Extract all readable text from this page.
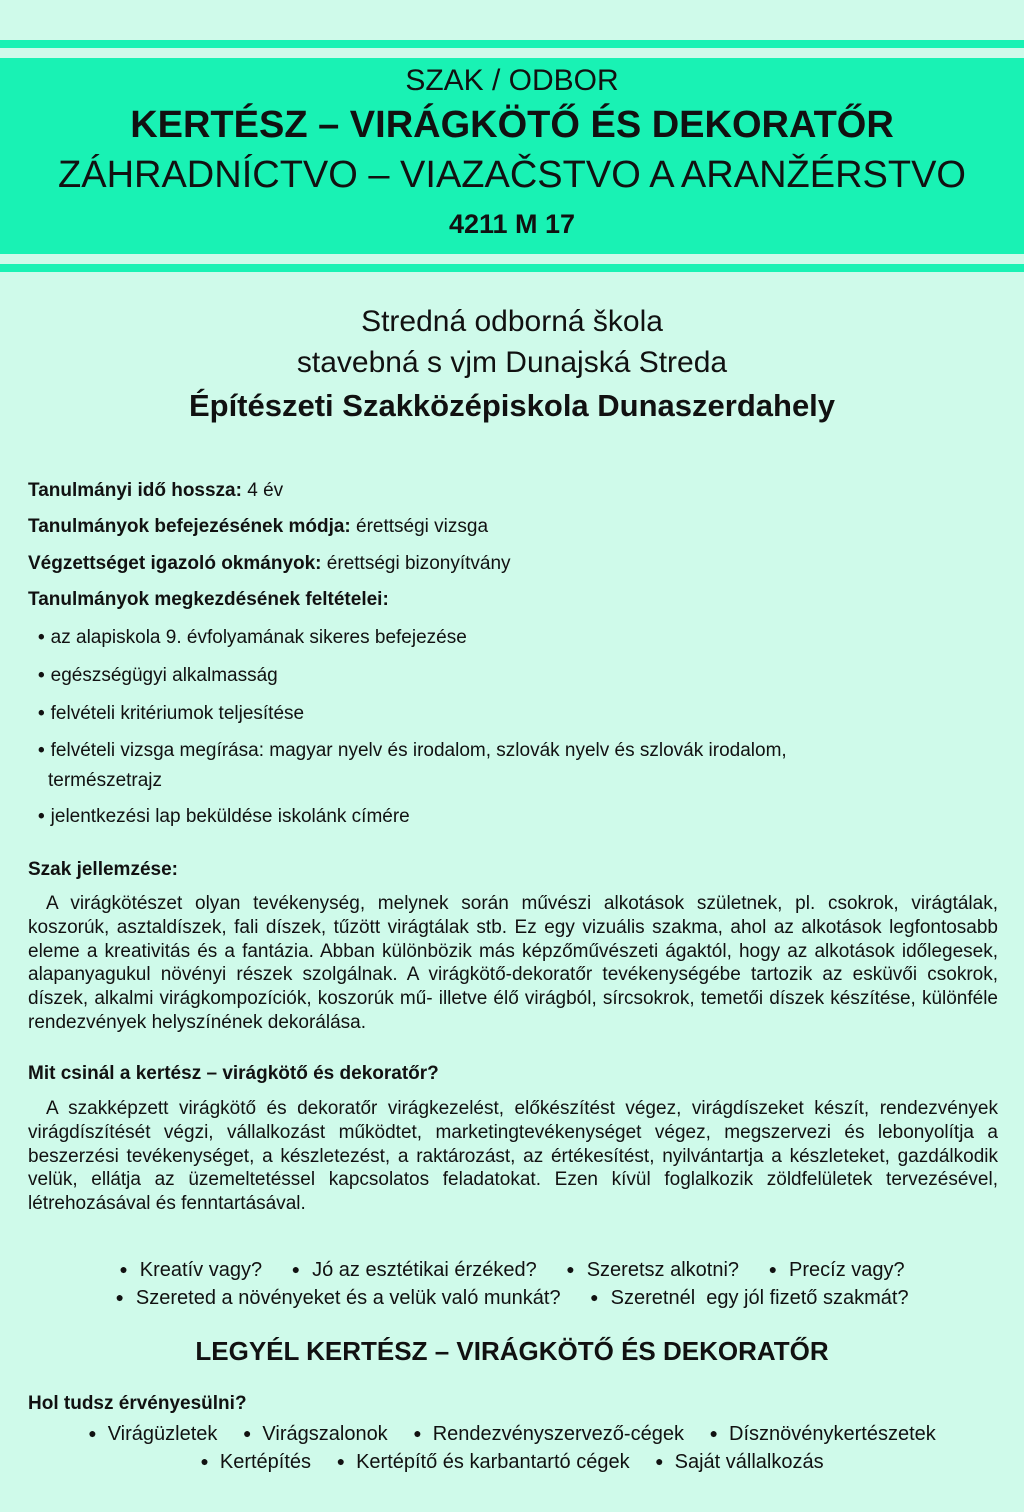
SZAK / ODBOR
KERTÉSZ – VIRÁGKÖTŐ ÉS DEKORATŐR
ZÁHRADNÍCTVO – VIAZAČSTVO A ARANŽÉRSTVO
4211 M 17
Stredná odborná škola
stavebná s vjm Dunajská Streda
Építészeti Szakközépiskola Dunaszerdahely
Tanulmányi idő hossza: 4 év
Tanulmányok befejezésének módja: érettségi vizsga
Végzettséget igazoló okmányok: érettségi bizonyítvány
Tanulmányok megkezdésének feltételei:
• az alapiskola 9. évfolyamának sikeres befejezése
• egészségügyi alkalmasság
• felvételi kritériumok teljesítése
• felvételi vizsga megírása: magyar nyelv és irodalom, szlovák nyelv és szlovák irodalom,
természetrajz
• jelentkezési lap beküldése iskolánk címére
Szak jellemzése:
A virágkötészet olyan tevékenység, melynek során művészi alkotások születnek, pl. csokrok, virágtálak, koszorúk, asztaldíszek, fali díszek, tűzött virágtálak stb. Ez egy vizuális szakma, ahol az alkotások legfontosabb eleme a kreativitás és a fantázia. Abban különbözik más képzőművészeti ágaktól, hogy az alkotások időlegesek, alapanyagukul növényi részek szolgálnak. A virágkötő-dekoratőr tevékenységébe tartozik az esküvői csokrok, díszek, alkalmi virágkompozíciók, koszorúk mű- illetve élő virágból, sírcsokrok, temetői díszek készítése, különféle rendezvények helyszínének dekorálása.
Mit csinál a kertész – virágkötő és dekoratőr?
A szakképzett virágkötő és dekoratőr virágkezelést, előkészítést végez, virágdíszeket készít, rendezvények virágdíszítését végzi, vállalkozást működtet, marketingtevékenységet végez, megszervezi és lebonyolítja a beszerzési tevékenységet, a készletezést, a raktározást, az értékesítést, nyilvántartja a készleteket, gazdálkodik velük, ellátja az üzemeltetéssel kapcsolatos feladatokat. Ezen kívül foglalkozik zöldfelületek tervezésével, létrehozásával és fenntartásával.
● Kreatív vagy? ● Jó az esztétikai érzéked? ● Szeretsz alkotni? ● Precíz vagy?
● Szereted a növényeket és a velük való munkát? ● Szeretnél  egy jól fizető szakmát?
LEGYÉL KERTÉSZ – VIRÁGKÖTŐ ÉS DEKORATŐR
Hol tudsz érvényesülni?
● Virágüzletek ● Virágszalonok ● Rendezvényszervező-cégek ● Dísznövénykertészetek
● Kertépítés ● Kertépítő és karbantartó cégek ● Saját vállalkozás
